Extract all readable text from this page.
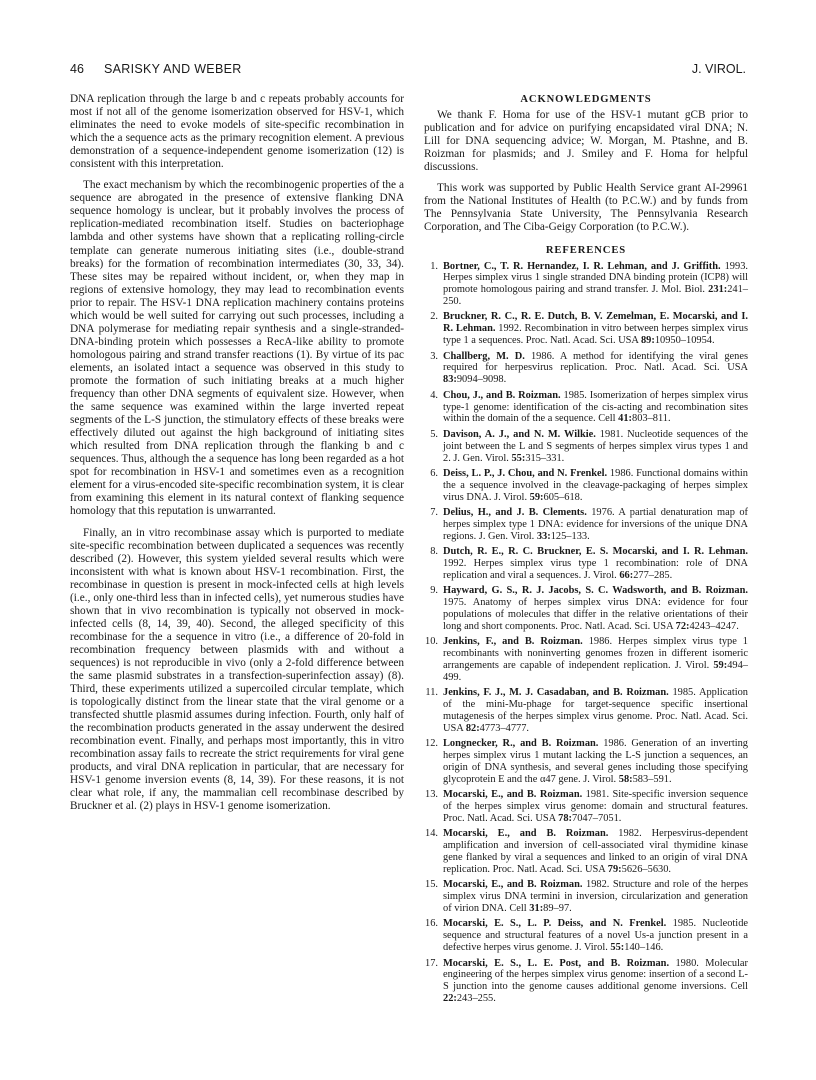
46 SARISKY AND WEBER	J. VIROL.

DNA replication through the large b and c repeats probably accounts for most if not all of the genome isomerization observed for HSV-1, which eliminates the need to evoke models of site-specific recombination in which the a sequence acts as the primary recognition element. A previous demonstration of a sequence-independent genome isomerization (12) is consistent with this interpretation.

The exact mechanism by which the recombinogenic properties of the a sequence are abrogated in the presence of extensive flanking DNA sequence homology is unclear, but it probably involves the process of replication-mediated recombination itself. Studies on bacteriophage lambda and other systems have shown that a replicating rolling-circle template can generate numerous initiating sites (i.e., double-strand breaks) for the formation of recombination intermediates (30, 33, 34). These sites may be repaired without incident, or, when they map in regions of extensive homology, they may lead to recombination events prior to repair. The HSV-1 DNA replication machinery contains proteins which would be well suited for carrying out such processes, including a DNA polymerase for mediating repair synthesis and a single-stranded-DNA-binding protein which possesses a RecA-like ability to promote homologous pairing and strand transfer reactions (1). By virtue of its pac elements, an isolated intact a sequence was observed in this study to promote the formation of such initiating breaks at a much higher frequency than other DNA segments of equivalent size. However, when the same sequence was examined within the large inverted repeat segments of the L-S junction, the stimulatory effects of these breaks were effectively diluted out against the high background of initiating sites which resulted from DNA replication through the flanking b and c sequences. Thus, although the a sequence has long been regarded as a hot spot for recombination in HSV-1 and sometimes even as a recognition element for a virus-encoded site-specific recombination system, it is clear from examining this element in its natural context of flanking sequence homology that this reputation is unwarranted.

Finally, an in vitro recombinase assay which is purported to mediate site-specific recombination between duplicated a sequences was recently described (2). However, this system yielded several results which were inconsistent with what is known about HSV-1 recombination. First, the recombinase in question is present in mock-infected cells at high levels (i.e., only one-third less than in infected cells), yet numerous studies have shown that in vivo recombination is typically not observed in mock-infected cells (8, 14, 39, 40). Second, the alleged specificity of this recombinase for the a sequence in vitro (i.e., a difference of 20-fold in recombination frequency between plasmids with and without a sequences) is not reproducible in vivo (only a 2-fold difference between the same plasmid substrates in a transfection-superinfection assay) (8). Third, these experiments utilized a supercoiled circular template, which is topologically distinct from the linear state that the viral genome or a transfected shuttle plasmid assumes during infection. Fourth, only half of the recombination products generated in the assay underwent the desired recombination event. Finally, and perhaps most importantly, this in vitro recombination assay fails to recreate the strict requirements for viral gene products, and viral DNA replication in particular, that are necessary for HSV-1 genome inversion events (8, 14, 39). For these reasons, it is not clear what role, if any, the mammalian cell recombinase described by Bruckner et al. (2) plays in HSV-1 genome isomerization.

ACKNOWLEDGMENTS

We thank F. Homa for use of the HSV-1 mutant gCB prior to publication and for advice on purifying encapsidated viral DNA; N. Lill for DNA sequencing advice; W. Morgan, M. Ptashne, and B. Roizman for plasmids; and J. Smiley and F. Homa for helpful discussions.

This work was supported by Public Health Service grant AI-29961 from the National Institutes of Health (to P.C.W.) and by funds from The Pennsylvania State University, The Pennsylvania Research Corporation, and The Ciba-Geigy Corporation (to P.C.W.).

REFERENCES
1. Bortner, C., T. R. Hernandez, I. R. Lehman, and J. Griffith. 1993. Herpes simplex virus 1 single stranded DNA binding protein (ICP8) will promote homologous pairing and strand transfer. J. Mol. Biol. 231:241–250.
2. Bruckner, R. C., R. E. Dutch, B. V. Zemelman, E. Mocarski, and I. R. Lehman. 1992. Recombination in vitro between herpes simplex virus type 1 a sequences. Proc. Natl. Acad. Sci. USA 89:10950–10954.
3. Challberg, M. D. 1986. A method for identifying the viral genes required for herpesvirus replication. Proc. Natl. Acad. Sci. USA 83:9094–9098.
4. Chou, J., and B. Roizman. 1985. Isomerization of herpes simplex virus type-1 genome: identification of the cis-acting and recombination sites within the domain of the a sequence. Cell 41:803–811.
5. Davison, A. J., and N. M. Wilkie. 1981. Nucleotide sequences of the joint between the L and S segments of herpes simplex virus types 1 and 2. J. Gen. Virol. 55:315–331.
6. Deiss, L. P., J. Chou, and N. Frenkel. 1986. Functional domains within the a sequence involved in the cleavage-packaging of herpes simplex virus DNA. J. Virol. 59:605–618.
7. Delius, H., and J. B. Clements. 1976. A partial denaturation map of herpes simplex type 1 DNA: evidence for inversions of the unique DNA regions. J. Gen. Virol. 33:125–133.
8. Dutch, R. E., R. C. Bruckner, E. S. Mocarski, and I. R. Lehman. 1992. Herpes simplex virus type 1 recombination: role of DNA replication and viral a sequences. J. Virol. 66:277–285.
9. Hayward, G. S., R. J. Jacobs, S. C. Wadsworth, and B. Roizman. 1975. Anatomy of herpes simplex virus DNA: evidence for four populations of molecules that differ in the relative orientations of their long and short components. Proc. Natl. Acad. Sci. USA 72:4243–4247.
10. Jenkins, F., and B. Roizman. 1986. Herpes simplex virus type 1 recombinants with noninverting genomes frozen in different isomeric arrangements are capable of independent replication. J. Virol. 59:494–499.
11. Jenkins, F. J., M. J. Casadaban, and B. Roizman. 1985. Application of the mini-Mu-phage for target-sequence specific insertional mutagenesis of the herpes simplex virus genome. Proc. Natl. Acad. Sci. USA 82:4773–4777.
12. Longnecker, R., and B. Roizman. 1986. Generation of an inverting herpes simplex virus 1 mutant lacking the L-S junction a sequences, an origin of DNA synthesis, and several genes including those specifying glycoprotein E and the α47 gene. J. Virol. 58:583–591.
13. Mocarski, E., and B. Roizman. 1981. Site-specific inversion sequence of the herpes simplex virus genome: domain and structural features. Proc. Natl. Acad. Sci. USA 78:7047–7051.
14. Mocarski, E., and B. Roizman. 1982. Herpesvirus-dependent amplification and inversion of cell-associated viral thymidine kinase gene flanked by viral a sequences and linked to an origin of viral DNA replication. Proc. Natl. Acad. Sci. USA 79:5626–5630.
15. Mocarski, E., and B. Roizman. 1982. Structure and role of the herpes simplex virus DNA termini in inversion, circularization and generation of virion DNA. Cell 31:89–97.
16. Mocarski, E. S., L. P. Deiss, and N. Frenkel. 1985. Nucleotide sequence and structural features of a novel Us-a junction present in a defective herpes virus genome. J. Virol. 55:140–146.
17. Mocarski, E. S., L. E. Post, and B. Roizman. 1980. Molecular engineering of the herpes simplex virus genome: insertion of a second L-S junction into the genome causes additional genome inversions. Cell 22:243–255.
